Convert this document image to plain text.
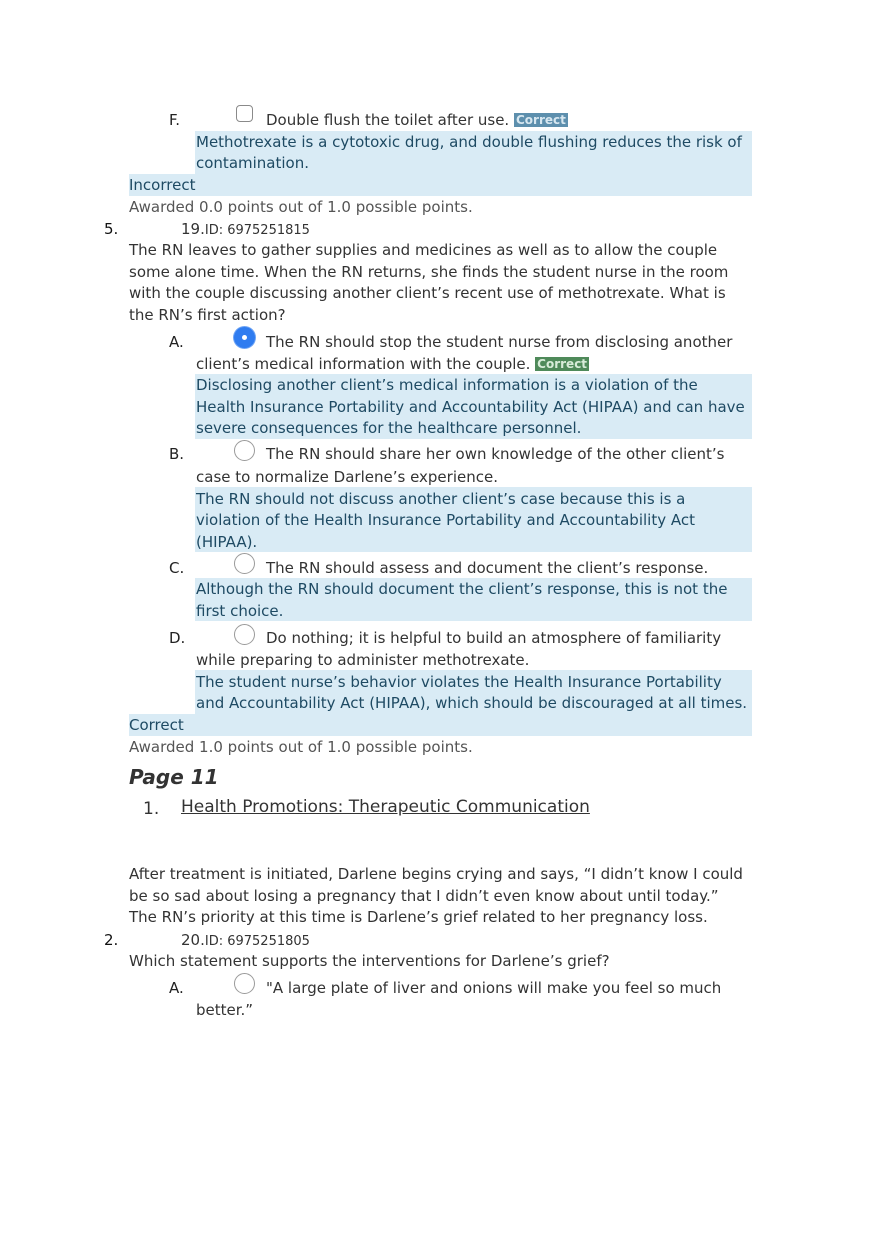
F.	Double flush the toilet after use. Correct
Methotrexate is a cytotoxic drug, and double flushing reduces the risk of
contamination.
Incorrect
Awarded 0.0 points out of 1.0 possible points.
5.	19.ID: 6975251815
The RN leaves to gather supplies and medicines as well as to allow the couple
some alone time. When the RN returns, she finds the student nurse in the room
with the couple discussing another client’s recent use of methotrexate. What is
the RN’s first action?
A.	The RN should stop the student nurse from disclosing another
client’s medical information with the couple. Correct
Disclosing another client’s medical information is a violation of the
Health Insurance Portability and Accountability Act (HIPAA) and can have
severe consequences for the healthcare personnel.
B.	The RN should share her own knowledge of the other client’s
case to normalize Darlene’s experience.
The RN should not discuss another client’s case because this is a
violation of the Health Insurance Portability and Accountability Act
(HIPAA).
C.	The RN should assess and document the client’s response.
Although the RN should document the client’s response, this is not the
first choice.
D.	Do nothing; it is helpful to build an atmosphere of familiarity
while preparing to administer methotrexate.
The student nurse’s behavior violates the Health Insurance Portability
and Accountability Act (HIPAA), which should be discouraged at all times.
Correct
Awarded 1.0 points out of 1.0 possible points.
Page 11
1. Health Promotions: Therapeutic Communication
After treatment is initiated, Darlene begins crying and says, “I didn’t know I could
be so sad about losing a pregnancy that I didn’t even know about until today.”
The RN’s priority at this time is Darlene’s grief related to her pregnancy loss.
2.	20.ID: 6975251805
Which statement supports the interventions for Darlene’s grief?
A.	"A large plate of liver and onions will make you feel so much
better.”
